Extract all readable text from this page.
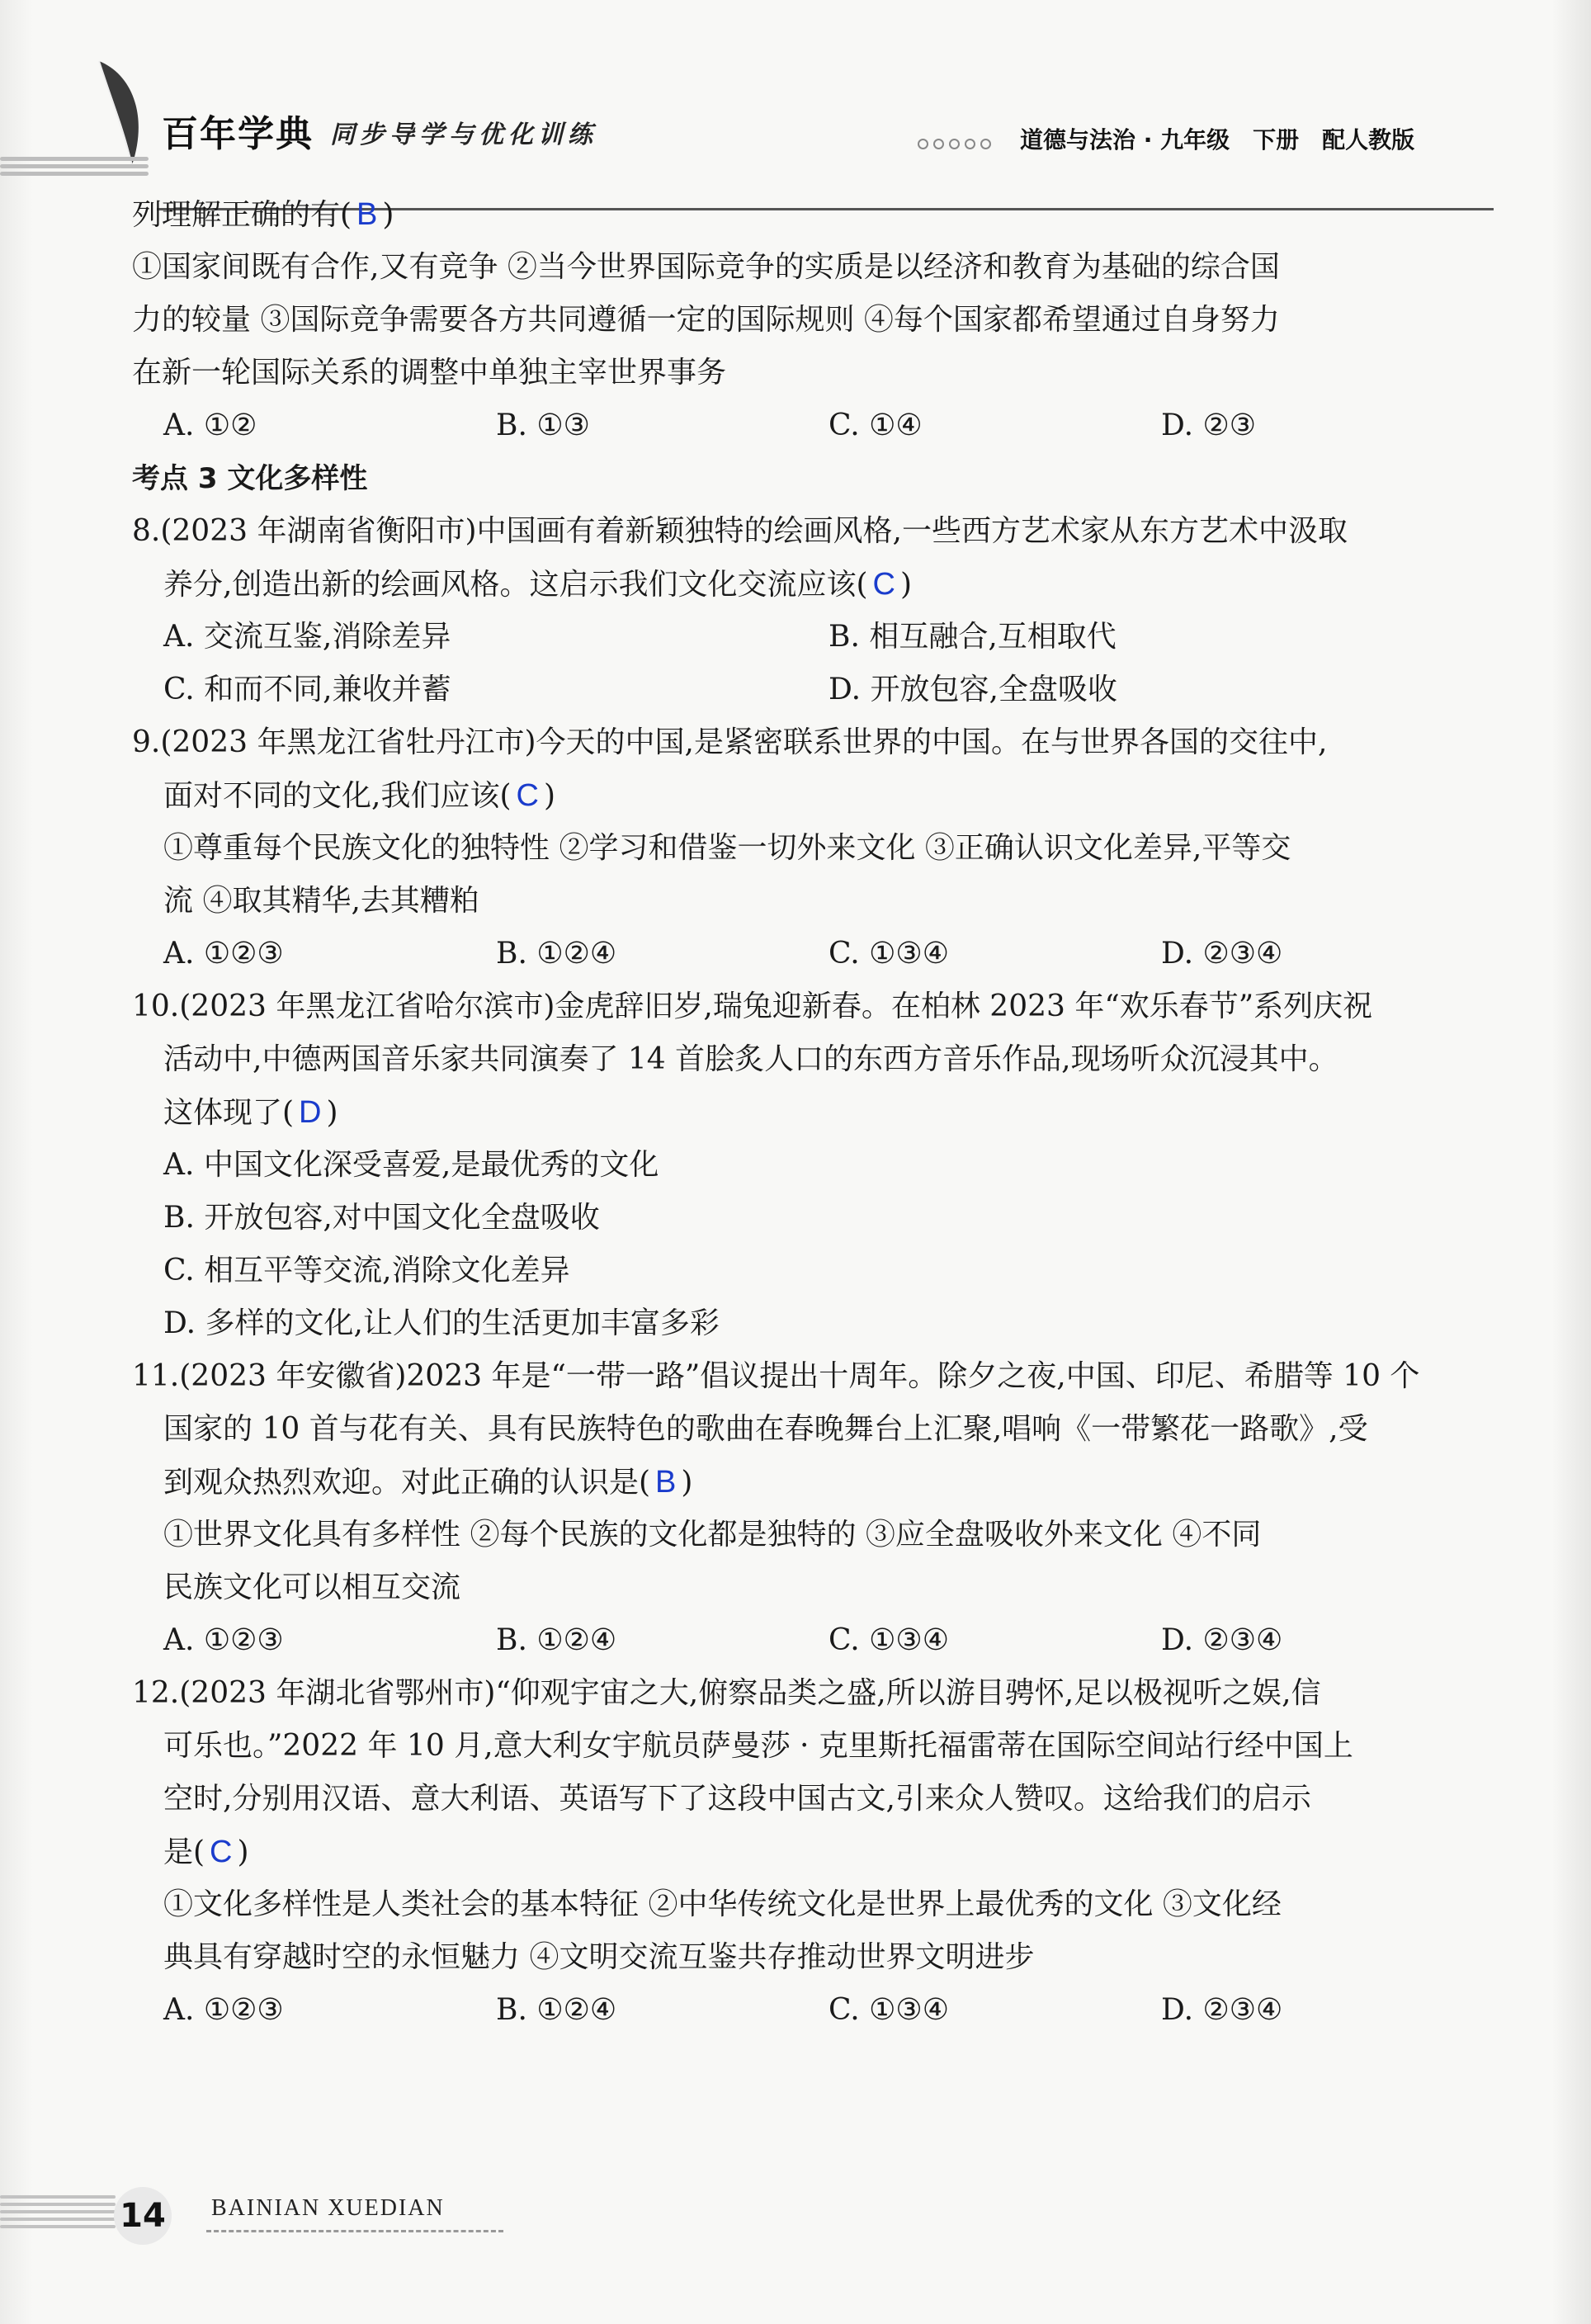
百年学典 同步导学与优化训练	道德与法治 · 九年级 下册 配人教版
列理解正确的有( B )
①国家间既有合作,又有竞争 ②当今世界国际竞争的实质是以经济和教育为基础的综合国
力的较量 ③国际竞争需要各方共同遵循一定的国际规则 ④每个国家都希望通过自身努力
在新一轮国际关系的调整中单独主宰世界事务
A. ①②	B. ①③	C. ①④	D. ②③
考点 3 文化多样性
8.(2023 年湖南省衡阳市)中国画有着新颖独特的绘画风格,一些西方艺术家从东方艺术中汲取
养分,创造出新的绘画风格。这启示我们文化交流应该( C )
A. 交流互鉴,消除差异	B. 相互融合,互相取代
C. 和而不同,兼收并蓄	D. 开放包容,全盘吸收
9.(2023 年黑龙江省牡丹江市)今天的中国,是紧密联系世界的中国。在与世界各国的交往中,
面对不同的文化,我们应该( C )
①尊重每个民族文化的独特性 ②学习和借鉴一切外来文化 ③正确认识文化差异,平等交
流 ④取其精华,去其糟粕
A. ①②③	B. ①②④	C. ①③④	D. ②③④
10.(2023 年黑龙江省哈尔滨市)金虎辞旧岁,瑞兔迎新春。在柏林 2023 年“欢乐春节”系列庆祝
活动中,中德两国音乐家共同演奏了 14 首脍炙人口的东西方音乐作品,现场听众沉浸其中。
这体现了( D )
A. 中国文化深受喜爱,是最优秀的文化
B. 开放包容,对中国文化全盘吸收
C. 相互平等交流,消除文化差异
D. 多样的文化,让人们的生活更加丰富多彩
11.(2023 年安徽省)2023 年是“一带一路”倡议提出十周年。除夕之夜,中国、印尼、希腊等 10 个
国家的 10 首与花有关、具有民族特色的歌曲在春晚舞台上汇聚,唱响《一带繁花一路歌》,受
到观众热烈欢迎。对此正确的认识是( B )
①世界文化具有多样性 ②每个民族的文化都是独特的 ③应全盘吸收外来文化 ④不同
民族文化可以相互交流
A. ①②③	B. ①②④	C. ①③④	D. ②③④
12.(2023 年湖北省鄂州市)“仰观宇宙之大,俯察品类之盛,所以游目骋怀,足以极视听之娱,信
可乐也。”2022 年 10 月,意大利女宇航员萨曼莎 · 克里斯托福雷蒂在国际空间站行经中国上
空时,分别用汉语、意大利语、英语写下了这段中国古文,引来众人赞叹。这给我们的启示
是( C )
①文化多样性是人类社会的基本特征 ②中华传统文化是世界上最优秀的文化 ③文化经
典具有穿越时空的永恒魅力 ④文明交流互鉴共存推动世界文明进步
A. ①②③	B. ①②④	C. ①③④	D. ②③④
14 BAINIAN XUEDIAN
